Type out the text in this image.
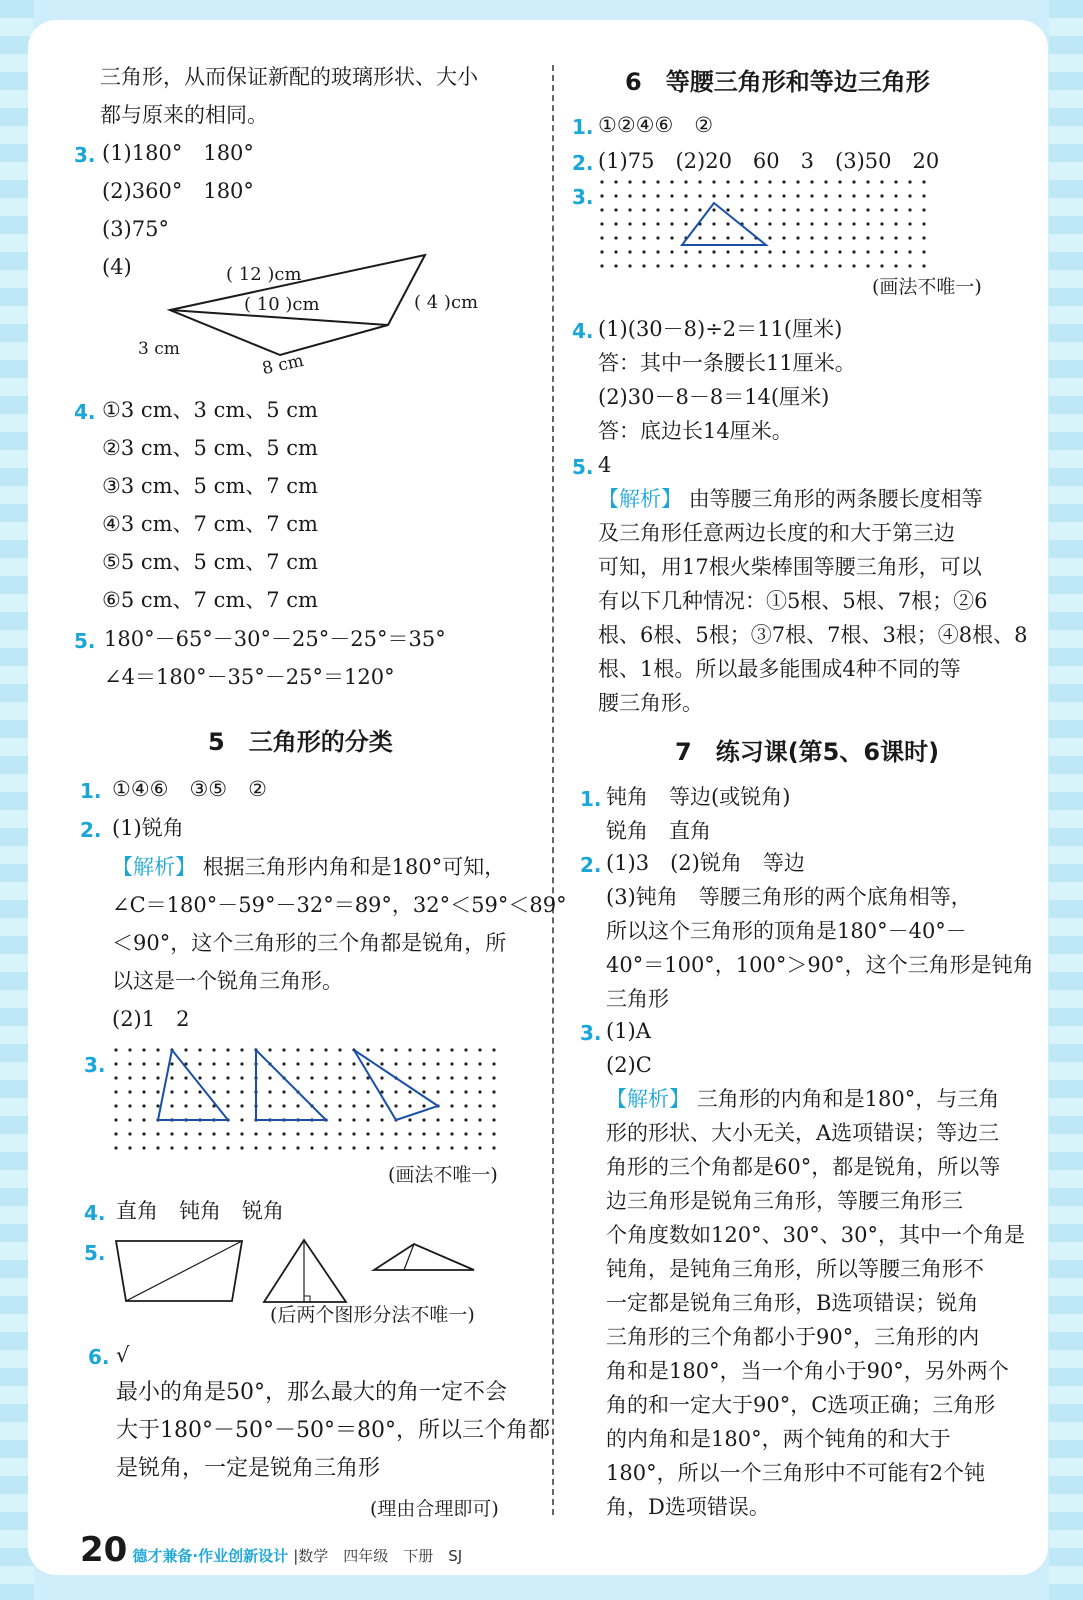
三角形，从而保证新配的玻璃形状、大小
都与原来的相同。
3. (1)180°　180°
(2)360°　180°
(3)75°
(4)	( 12 )cm
( 10 )cm	( 4 )cm
3 cm
8 cm
4. ①3 cm、3 cm、5 cm
②3 cm、5 cm、5 cm
③3 cm、5 cm、7 cm
④3 cm、7 cm、7 cm
⑤5 cm、5 cm、7 cm
⑥5 cm、7 cm、7 cm
5. 180°－65°－30°－25°－25°＝35°
∠4＝180°－35°－25°＝120°
5　三角形的分类
1. ①④⑥　③⑤　②
2. (1)锐角
【解析】 根据三角形内角和是180°可知，
∠C＝180°－59°－32°＝89°，32°＜59°＜89°
＜90°，这个三角形的三个角都是锐角，所
以这是一个锐角三角形。
(2)1　2
3.
(画法不唯一)
4. 直角　钝角　锐角
5.
(后两个图形分法不唯一)
6. √
最小的角是50°，那么最大的角一定不会
大于180°－50°－50°＝80°，所以三个角都
是锐角，一定是锐角三角形
(理由合理即可)
6　等腰三角形和等边三角形
1. ①②④⑥　②
2. (1)75　(2)20　60　3　(3)50　20
3.
(画法不唯一)
4. (1)(30－8)÷2＝11(厘米)
答：其中一条腰长11厘米。
(2)30－8－8＝14(厘米)
答：底边长14厘米。
5. 4
【解析】 由等腰三角形的两条腰长度相等
及三角形任意两边长度的和大于第三边
可知，用17根火柴棒围等腰三角形，可以
有以下几种情况：①5根、5根、7根；②6
根、6根、5根；③7根、7根、3根；④8根、8
根、1根。所以最多能围成4种不同的等
腰三角形。
7　练习课(第5、6课时)
1. 钝角　等边(或锐角)
锐角　直角
2. (1)3　(2)锐角　等边
(3)钝角　等腰三角形的两个底角相等，
所以这个三角形的顶角是180°－40°－
40°＝100°，100°＞90°，这个三角形是钝角
三角形
3. (1)A
(2)C
【解析】 三角形的内角和是180°，与三角
形的形状、大小无关，A选项错误；等边三
角形的三个角都是60°，都是锐角，所以等
边三角形是锐角三角形，等腰三角形三
个角度数如120°、30°、30°，其中一个角是
钝角，是钝角三角形，所以等腰三角形不
一定都是锐角三角形，B选项错误；锐角
三角形的三个角都小于90°，三角形的内
角和是180°，当一个角小于90°，另外两个
角的和一定大于90°，C选项正确；三角形
的内角和是180°，两个钝角的和大于
180°，所以一个三角形中不可能有2个钝
角，D选项错误。
20 德才兼备·作业创新设计 |数学　四年级　下册　SJ
